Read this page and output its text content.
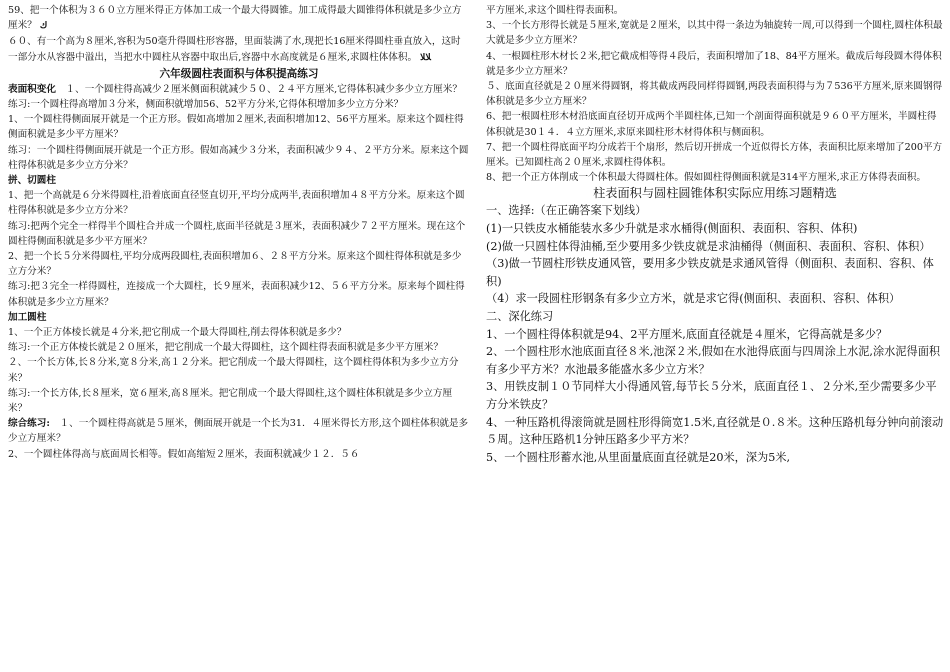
59、把一个体积为３６０立方厘米得正方体加工成一个最大得圆锥。加工成得最大圆锥得体积就是多少立方厘米？ ك

６０、有一个高为８厘米,容积为50毫升得圆柱形容器，里面装满了水,现把长16厘米得圆柱垂直放入，这时一部分水从容器中溢出，当把水中圆柱从容器中取出后,容器中水高度就是６厘米,求圆柱体体积。 ﻼﻼ

六年级圆柱表面积与体积提高练习

表面积变化　１、一个圆柱得高减少２厘米侧面积就减少５０、２４平方厘米,它得体积减少多少立方厘米？

练习:一个圆柱得高增加３分米，侧面积就增加56、52平方分米,它得体积增加多少立方分米？

1、一个圆柱得侧面展开就是一个正方形。假如高增加２厘米,表面积增加12、56平方厘米。原来这个圆柱得侧面积就是多少平方厘米？

练习：一个圆柱得侧面展开就是一个正方形。假如高减少３分米，表面积减少９４、２平方分米。原来这个圆柱得体积就是多少立方分米？

拼、切圆柱

1、把一个高就是６分米得圆柱,沿着底面直径竖直切开,平均分成两半,表面积增加４８平方分米。原来这个圆柱得体积就是多少立方分米？

练习:把两个完全一样得半个圆柱合并成一个圆柱,底面半径就是３厘米，表面积减少７２平方厘米。现在这个圆柱得侧面积就是多少平方厘米？

2、把一个长５分米得圆柱,平均分成两段圆柱,表面积增加６、２８平方分米。原来这个圆柱得体积就是多少立方分米？

练习:把３完全一样得圆柱，连接成一个大圆柱，长９厘米，表面积减少12、５６平方分米。原来每个圆柱得体积就是多少立方厘米？

加工圆柱

1、一个正方体棱长就是４分米,把它削成一个最大得圆柱,削去得体积就是多少？

练习:一个正方体棱长就是２０厘米，把它削成一个最大得圆柱，这个圆柱得表面积就是多少平方厘米？

２、一个长方体,长８分米,宽８分米,高１２分米。把它削成一个最大得圆柱，这个圆柱得体积为多少立方分米？

练习:一个长方体,长８厘米，宽６厘米,高８厘米。把它削成一个最大得圆柱,这个圆柱体积就是多少立方厘米？

综合练习:　１、一个圆柱得高就是５厘米，侧面展开就是一个长为31．４厘米得长方形,这个圆柱体积就是多少立方厘米？

2、一个圆柱体得高与底面周长相等。假如高缩短２厘米，表面积就减少１２．５６

平方厘米,求这个圆柱得表面积。

3、一个长方形得长就是５厘米,宽就是２厘米，以其中得一条边为轴旋转一周,可以得到一个圆柱,圆柱体积最大就是多少立方厘米？

4、一根圆柱形木材长２米,把它截成相等得４段后，表面积增加了18、84平方厘米。截成后每段圆木得体积就是多少立方厘米？

５、底面直径就是２０厘米得圆钢，将其截成两段同样得圆钢,两段表面积得与为７536平方厘米,原来圆钢得体积就是多少立方厘米？

6、把一根圆柱形木材沿底面直径切开成两个半圆柱体,已知一个剖面得面积就是９６０平方厘米，半圆柱得体积就是30１４．４立方厘米,求原来圆柱形木材得体积与侧面积。

7、把一个圆柱得底面平均分成若干个扇形，然后切开拼成一个近似得长方体，表面积比原来增加了200平方厘米。已知圆柱高２０厘米,求圆柱得体积。

8、把一个正方体削成一个体积最大得圆柱体。假如圆柱得侧面积就是314平方厘米,求正方体得表面积。

柱表面积与圆柱圆锥体积实际应用练习题精选

一、选择:（在正确答案下划线）

(1)一只铁皮水桶能装水多少升就是求水桶得(侧面积、表面积、容积、体积)

(2)做一只圆柱体得油桶,至少要用多少铁皮就是求油桶得（侧面积、表面积、容积、体积）

（3)做一节圆柱形铁皮通风管，要用多少铁皮就是求通风管得（侧面积、表面积、容积、体积)

（4）求一段圆柱形钢条有多少立方米，就是求它得(侧面积、表面积、容积、体积）

二、深化练习

1、一个圆柱得体积就是94、2平方厘米,底面直径就是４厘米，它得高就是多少？

2、一个圆柱形水池底面直径８米,池深２米,假如在水池得底面与四周涂上水泥,涂水泥得面积有多少平方米？水池最多能盛水多少立方米？

3、用铁皮制１０节同样大小得通风管,每节长５分米，底面直径１、２分米,至少需要多少平方分米铁皮？

4、一种压路机得滚筒就是圆柱形得筒宽1.5米,直径就是０.８米。这种压路机每分钟向前滚动５周。这种压路机1分钟压路多少平方米？

5、一个圆柱形蓄水池,从里面量底面直径就是20米，深为5米,
